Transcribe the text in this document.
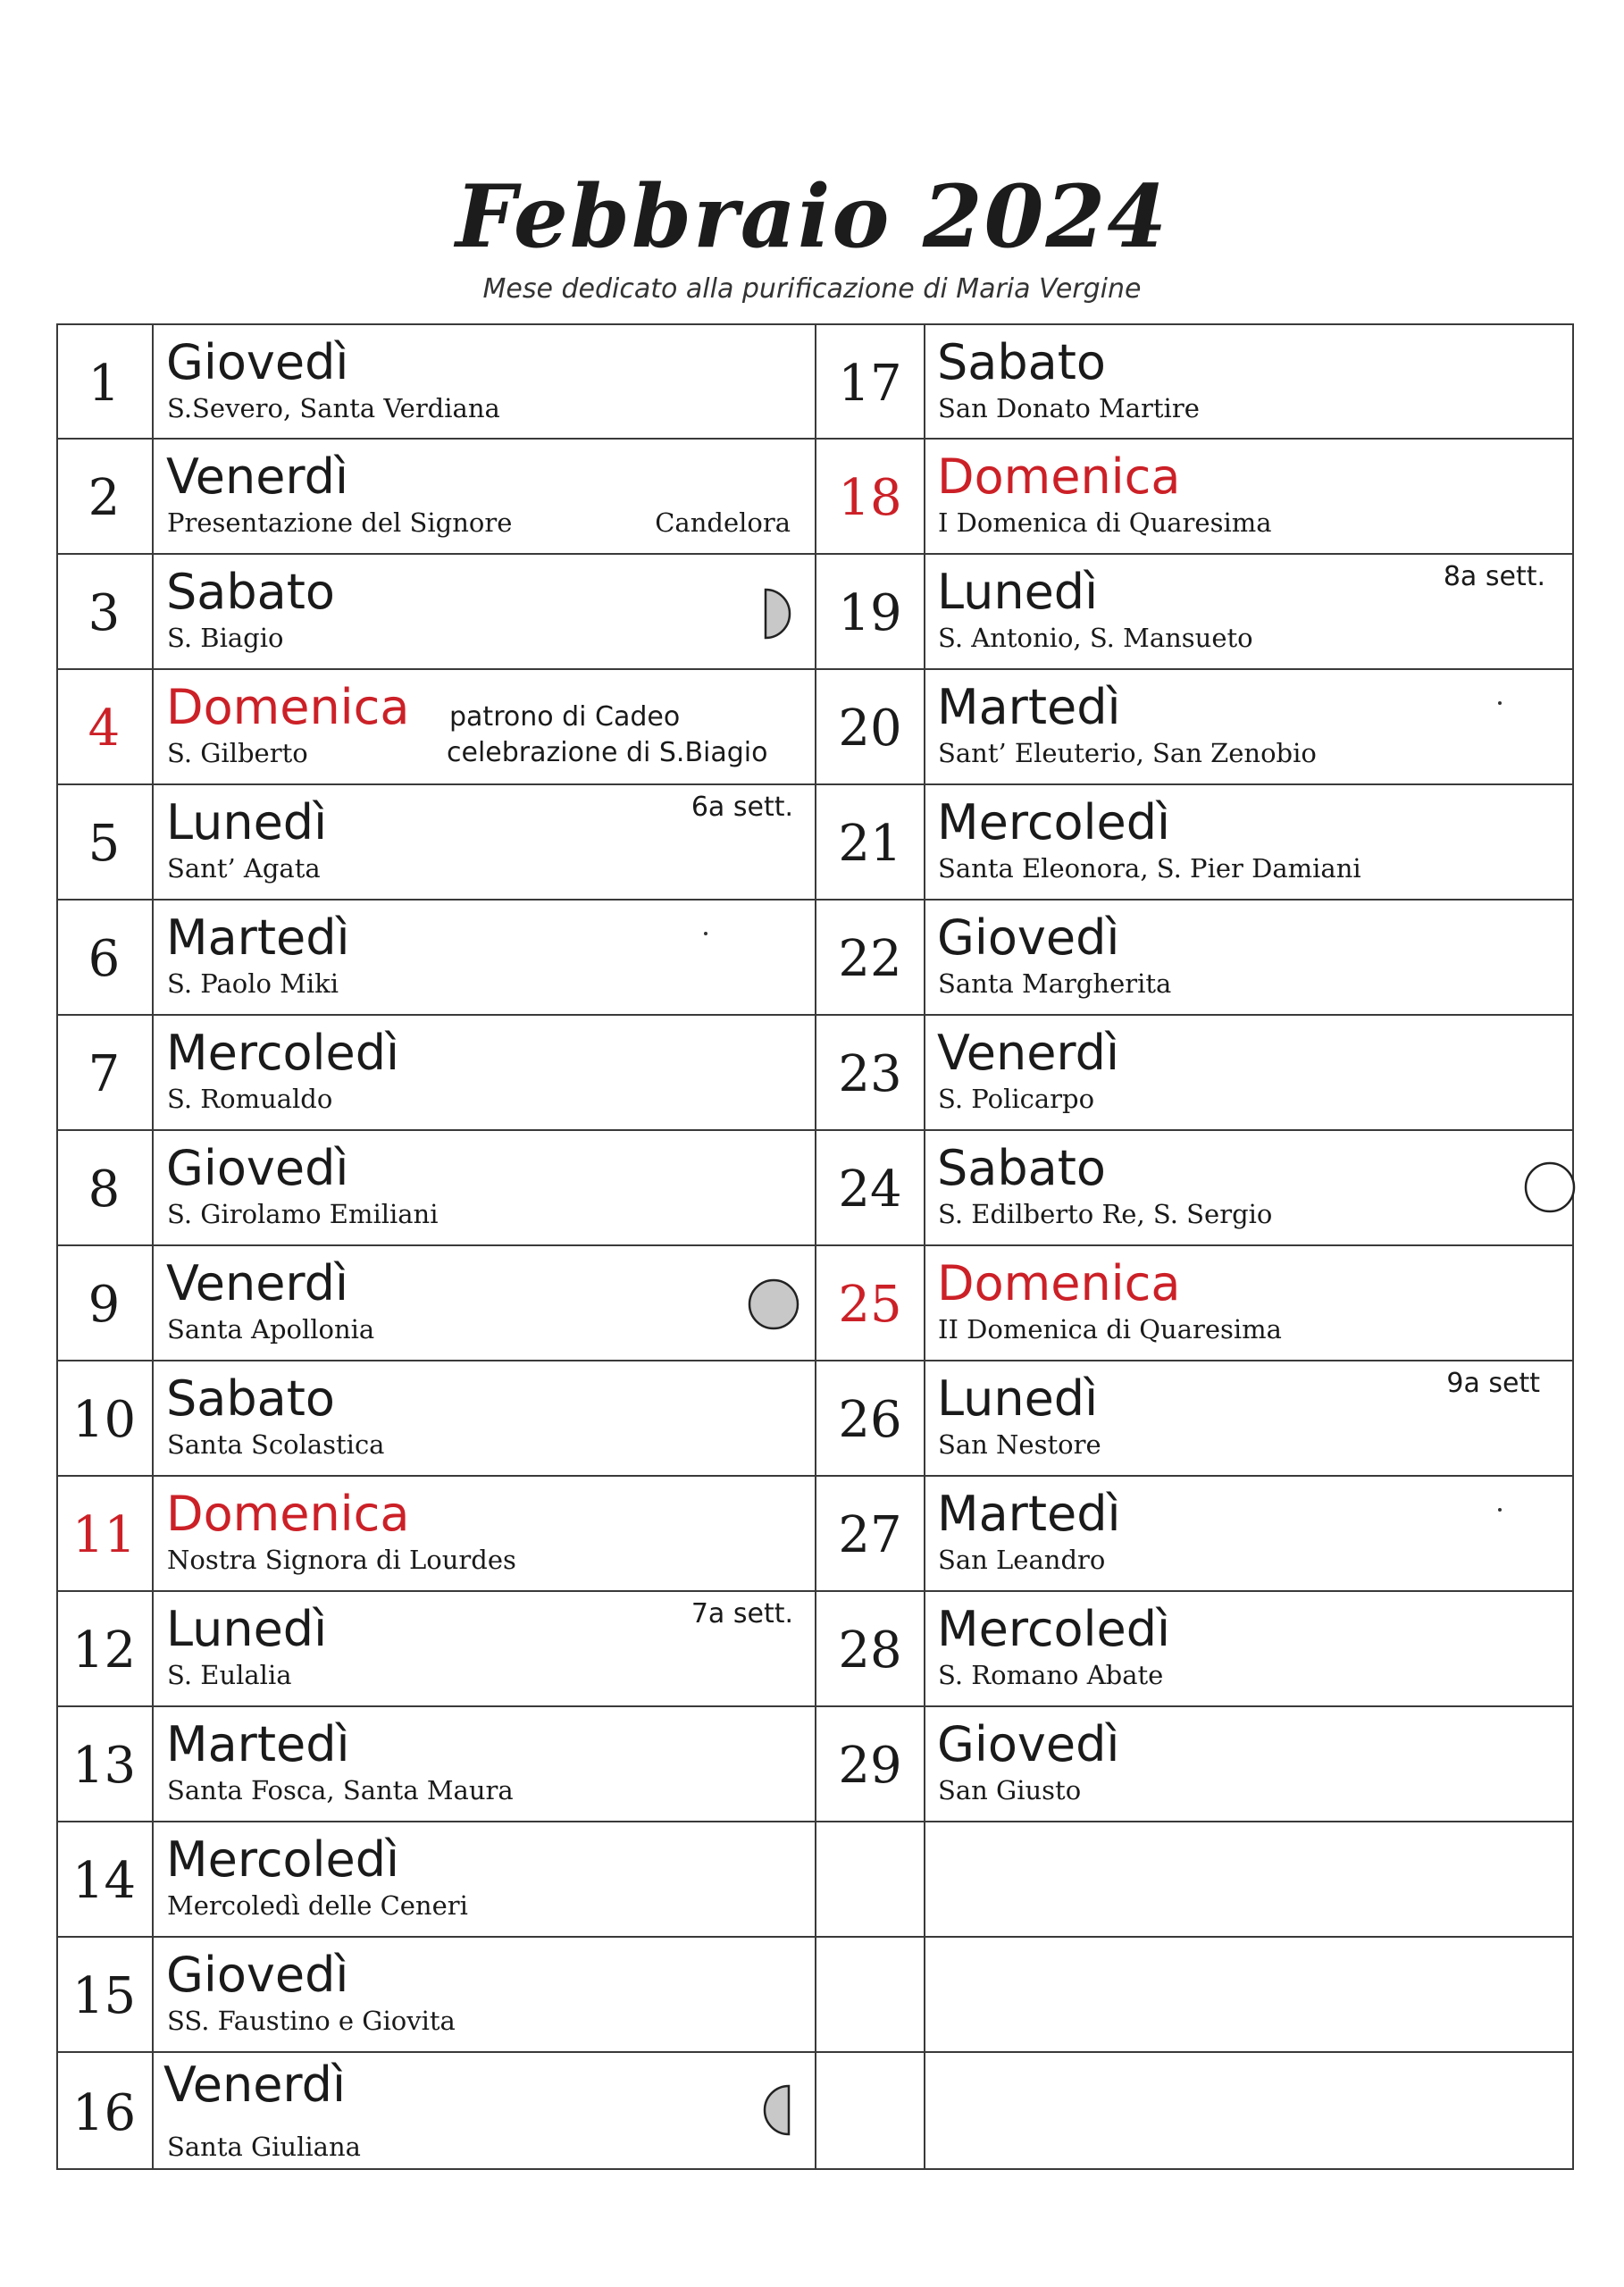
Febbraio 2024
Mese dedicato alla purificazione di Maria Vergine
1 Giovedì
S.Severo, Santa Verdiana
2 Venerdì
Presentazione del Signore	Candelora
3 Sabato
S. Biagio
4 Domenica
S. Gilberto
patrono di Cadeo
celebrazione di S.Biagio
5 Lunedì
Sant’ Agata
6a sett.
6 Martedì
S. Paolo Miki
7 Mercoledì
S. Romualdo
8 Giovedì
S. Girolamo Emiliani
9 Venerdì
Santa Apollonia
10 Sabato
Santa Scolastica
11 Domenica
Nostra Signora di Lourdes
12 Lunedì
S. Eulalia
7a sett.
13 Martedì
Santa Fosca, Santa Maura
14 Mercoledì
Mercoledì delle Ceneri
15 Giovedì
SS. Faustino e Giovita
16 Venerdì
Santa Giuliana
17 Sabato
San Donato Martire
18 Domenica
I Domenica di Quaresima
19 Lunedì
S. Antonio, S. Mansueto
8a sett.
20 Martedì
Sant’ Eleuterio, San Zenobio
21 Mercoledì
Santa Eleonora, S. Pier Damiani
22 Giovedì
Santa Margherita
23 Venerdì
S. Policarpo
24 Sabato
S. Edilberto Re, S. Sergio
25 Domenica
II Domenica di Quaresima
26 Lunedì
San Nestore
9a sett
27 Martedì
San Leandro
28 Mercoledì
S. Romano Abate
29 Giovedì
San Giusto
